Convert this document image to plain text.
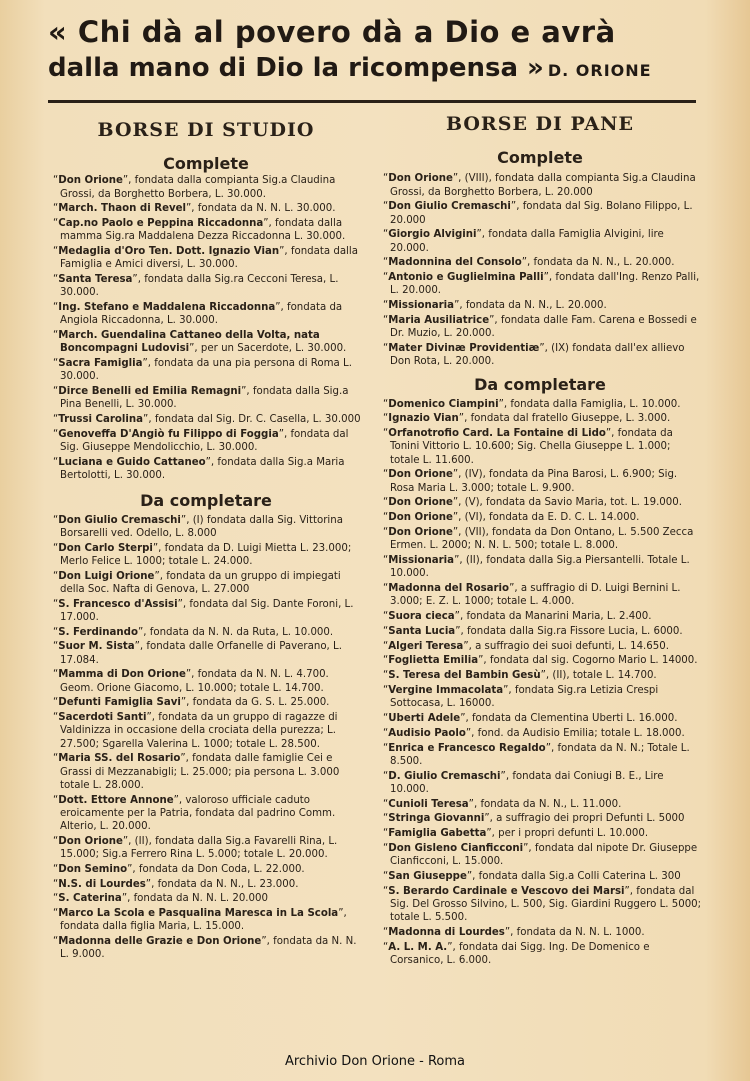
« Chi dà al povero dà a Dio e avrà
dalla mano di Dio la ricompensa » D. ORIONE

BORSE DI STUDIO

Complete

“Don Orione”, fondata dalla compianta Sig.a Claudina Grossi, da Borghetto Borbera, L. 30.000.

“March. Thaon di Revel”, fondata da N. N. L. 30.000.

“Cap.no Paolo e Peppina Riccadonna”, fondata dalla mamma Sig.ra Maddalena Dezza Riccadonna L. 30.000.

“Medaglia d'Oro Ten. Dott. Ignazio Vian”, fondata dalla Famiglia e Amici diversi, L. 30.000.

“Santa Teresa”, fondata dalla Sig.ra Cecconi Teresa, L. 30.000.

“Ing. Stefano e Maddalena Riccadonna”, fondata da Angiola Riccadonna, L. 30.000.

“March. Guendalina Cattaneo della Volta, nata Boncompagni Ludovisi”, per un Sacerdote, L. 30.000.

“Sacra Famiglia”, fondata da una pia persona di Roma L. 30.000.

“Dirce Benelli ed Emilia Remagni”, fondata dalla Sig.a Pina Benelli, L. 30.000.

“Trussi Carolina”, fondata dal Sig. Dr. C. Casella, L. 30.000

“Genoveffa D'Angiò fu Filippo di Foggia”, fondata dal Sig. Giuseppe Mendolicchio, L. 30.000.

“Luciana e Guido Cattaneo”, fondata dalla Sig.a Maria Bertolotti, L. 30.000.

Da completare

“Don Giulio Cremaschi”, (I) fondata dalla Sig. Vittorina Borsarelli ved. Odello, L. 8.000

“Don Carlo Sterpi”, fondata da D. Luigi Mietta L. 23.000; Merlo Felice L. 1000; totale L. 24.000.

“Don Luigi Orione”, fondata da un gruppo di impiegati della Soc. Nafta di Genova, L. 27.000

“S. Francesco d'Assisi”, fondata dal Sig. Dante Foroni, L. 17.000.

“S. Ferdinando”, fondata da N. N. da Ruta, L. 10.000.

“Suor M. Sista”, fondata dalle Orfanelle di Paverano, L. 17.084.

“Mamma di Don Orione”, fondata da N. N. L. 4.700. Geom. Orione Giacomo, L. 10.000; totale L. 14.700.

“Defunti Famiglia Savi”, fondata da G. S. L. 25.000.

“Sacerdoti Santi”, fondata da un gruppo di ragazze di Valdinizza in occasione della crociata della purezza; L. 27.500; Sgarella Valerina L. 1000; totale L. 28.500.

“Maria SS. del Rosario”, fondata dalle famiglie Cei e Grassi di Mezzanabigli; L. 25.000; pia persona L. 3.000 totale L. 28.000.

“Dott. Ettore Annone”, valoroso ufficiale caduto eroicamente per la Patria, fondata dal padrino Comm. Alterio, L. 20.000.

“Don Orione”, (II), fondata dalla Sig.a Favarelli Rina, L. 15.000; Sig.a Ferrero Rina L. 5.000; totale L. 20.000.

“Don Semino”, fondata da Don Coda, L. 22.000.

“N.S. di Lourdes”, fondata da N. N., L. 23.000.

“S. Caterina”, fondata da N. N. L. 20.000

“Marco La Scola e Pasqualina Maresca in La Scola”, fondata dalla figlia Maria, L. 15.000.

“Madonna delle Grazie e Don Orione”, fondata da N. N. L. 9.000.

BORSE DI PANE

Complete

“Don Orione”, (VIII), fondata dalla compianta Sig.a Claudina Grossi, da Borghetto Borbera, L. 20.000

“Don Giulio Cremaschi”, fondata dal Sig. Bolano Filippo, L. 20.000

“Giorgio Alvigini”, fondata dalla Famiglia Alvigini, lire 20.000.

“Madonnina del Consolo”, fondata da N. N., L. 20.000.

“Antonio e Guglielmina Palli”, fondata dall'Ing. Renzo Palli, L. 20.000.

“Missionaria”, fondata da N. N., L. 20.000.

“Maria Ausiliatrice”, fondata dalle Fam. Carena e Bossedi e Dr. Muzio, L. 20.000.

“Mater Divinæ Providentiæ”, (IX) fondata dall'ex allievo Don Rota, L. 20.000.

Da completare

“Domenico Ciampini”, fondata dalla Famiglia, L. 10.000.

“Ignazio Vian”, fondata dal fratello Giuseppe, L. 3.000.

“Orfanotrofio Card. La Fontaine di Lido”, fondata da Tonini Vittorio L. 10.600; Sig. Chella Giuseppe L. 1.000; totale L. 11.600.

“Don Orione”, (IV), fondata da Pina Barosi, L. 6.900; Sig. Rosa Maria L. 3.000; totale L. 9.900.

“Don Orione”, (V), fondata da Savio Maria, tot. L. 19.000.

“Don Orione”, (VI), fondata da E. D. C. L. 14.000.

“Don Orione”, (VII), fondata da Don Ontano, L. 5.500 Zecca Ermen. L. 2000; N. N. L. 500; totale L. 8.000.

“Missionaria”, (II), fondata dalla Sig.a Piersantelli. Totale L. 10.000.

“Madonna del Rosario”, a suffragio di D. Luigi Bernini L. 3.000; E. Z. L. 1000; totale L. 4.000.

“Suora cieca”, fondata da Manarini Maria, L. 2.400.

“Santa Lucia”, fondata dalla Sig.ra Fissore Lucia, L. 6000.

“Algeri Teresa”, a suffragio dei suoi defunti, L. 14.650.

“Foglietta Emilia”, fondata dal sig. Cogorno Mario L. 14000.

“S. Teresa del Bambin Gesù”, (II), totale L. 14.700.

“Vergine Immacolata”, fondata Sig.ra Letizia Crespi Sottocasa, L. 16000.

“Uberti Adele”, fondata da Clementina Uberti L. 16.000.

“Audisio Paolo”, fond. da Audisio Emilia; totale L. 18.000.

“Enrica e Francesco Regaldo”, fondata da N. N.; Totale L. 8.500.

“D. Giulio Cremaschi”, fondata dai Coniugi B. E., Lire 10.000.

“Cunioli Teresa”, fondata da N. N., L. 11.000.

“Stringa Giovanni”, a suffragio dei propri Defunti L. 5000

“Famiglia Gabetta”, per i propri defunti L. 10.000.

“Don Gisleno Cianficconi”, fondata dal nipote Dr. Giuseppe Cianficconi, L. 15.000.

“San Giuseppe”, fondata dalla Sig.a Colli Caterina L. 300

“S. Berardo Cardinale e Vescovo dei Marsi”, fondata dal Sig. Del Grosso Silvino, L. 500, Sig. Giardini Ruggero L. 5000; totale L. 5.500.

“Madonna di Lourdes”, fondata da N. N. L. 1000.

“A. L. M. A.”, fondata dai Sigg. Ing. De Domenico e Corsanico, L. 6.000.

Archivio Don Orione - Roma
